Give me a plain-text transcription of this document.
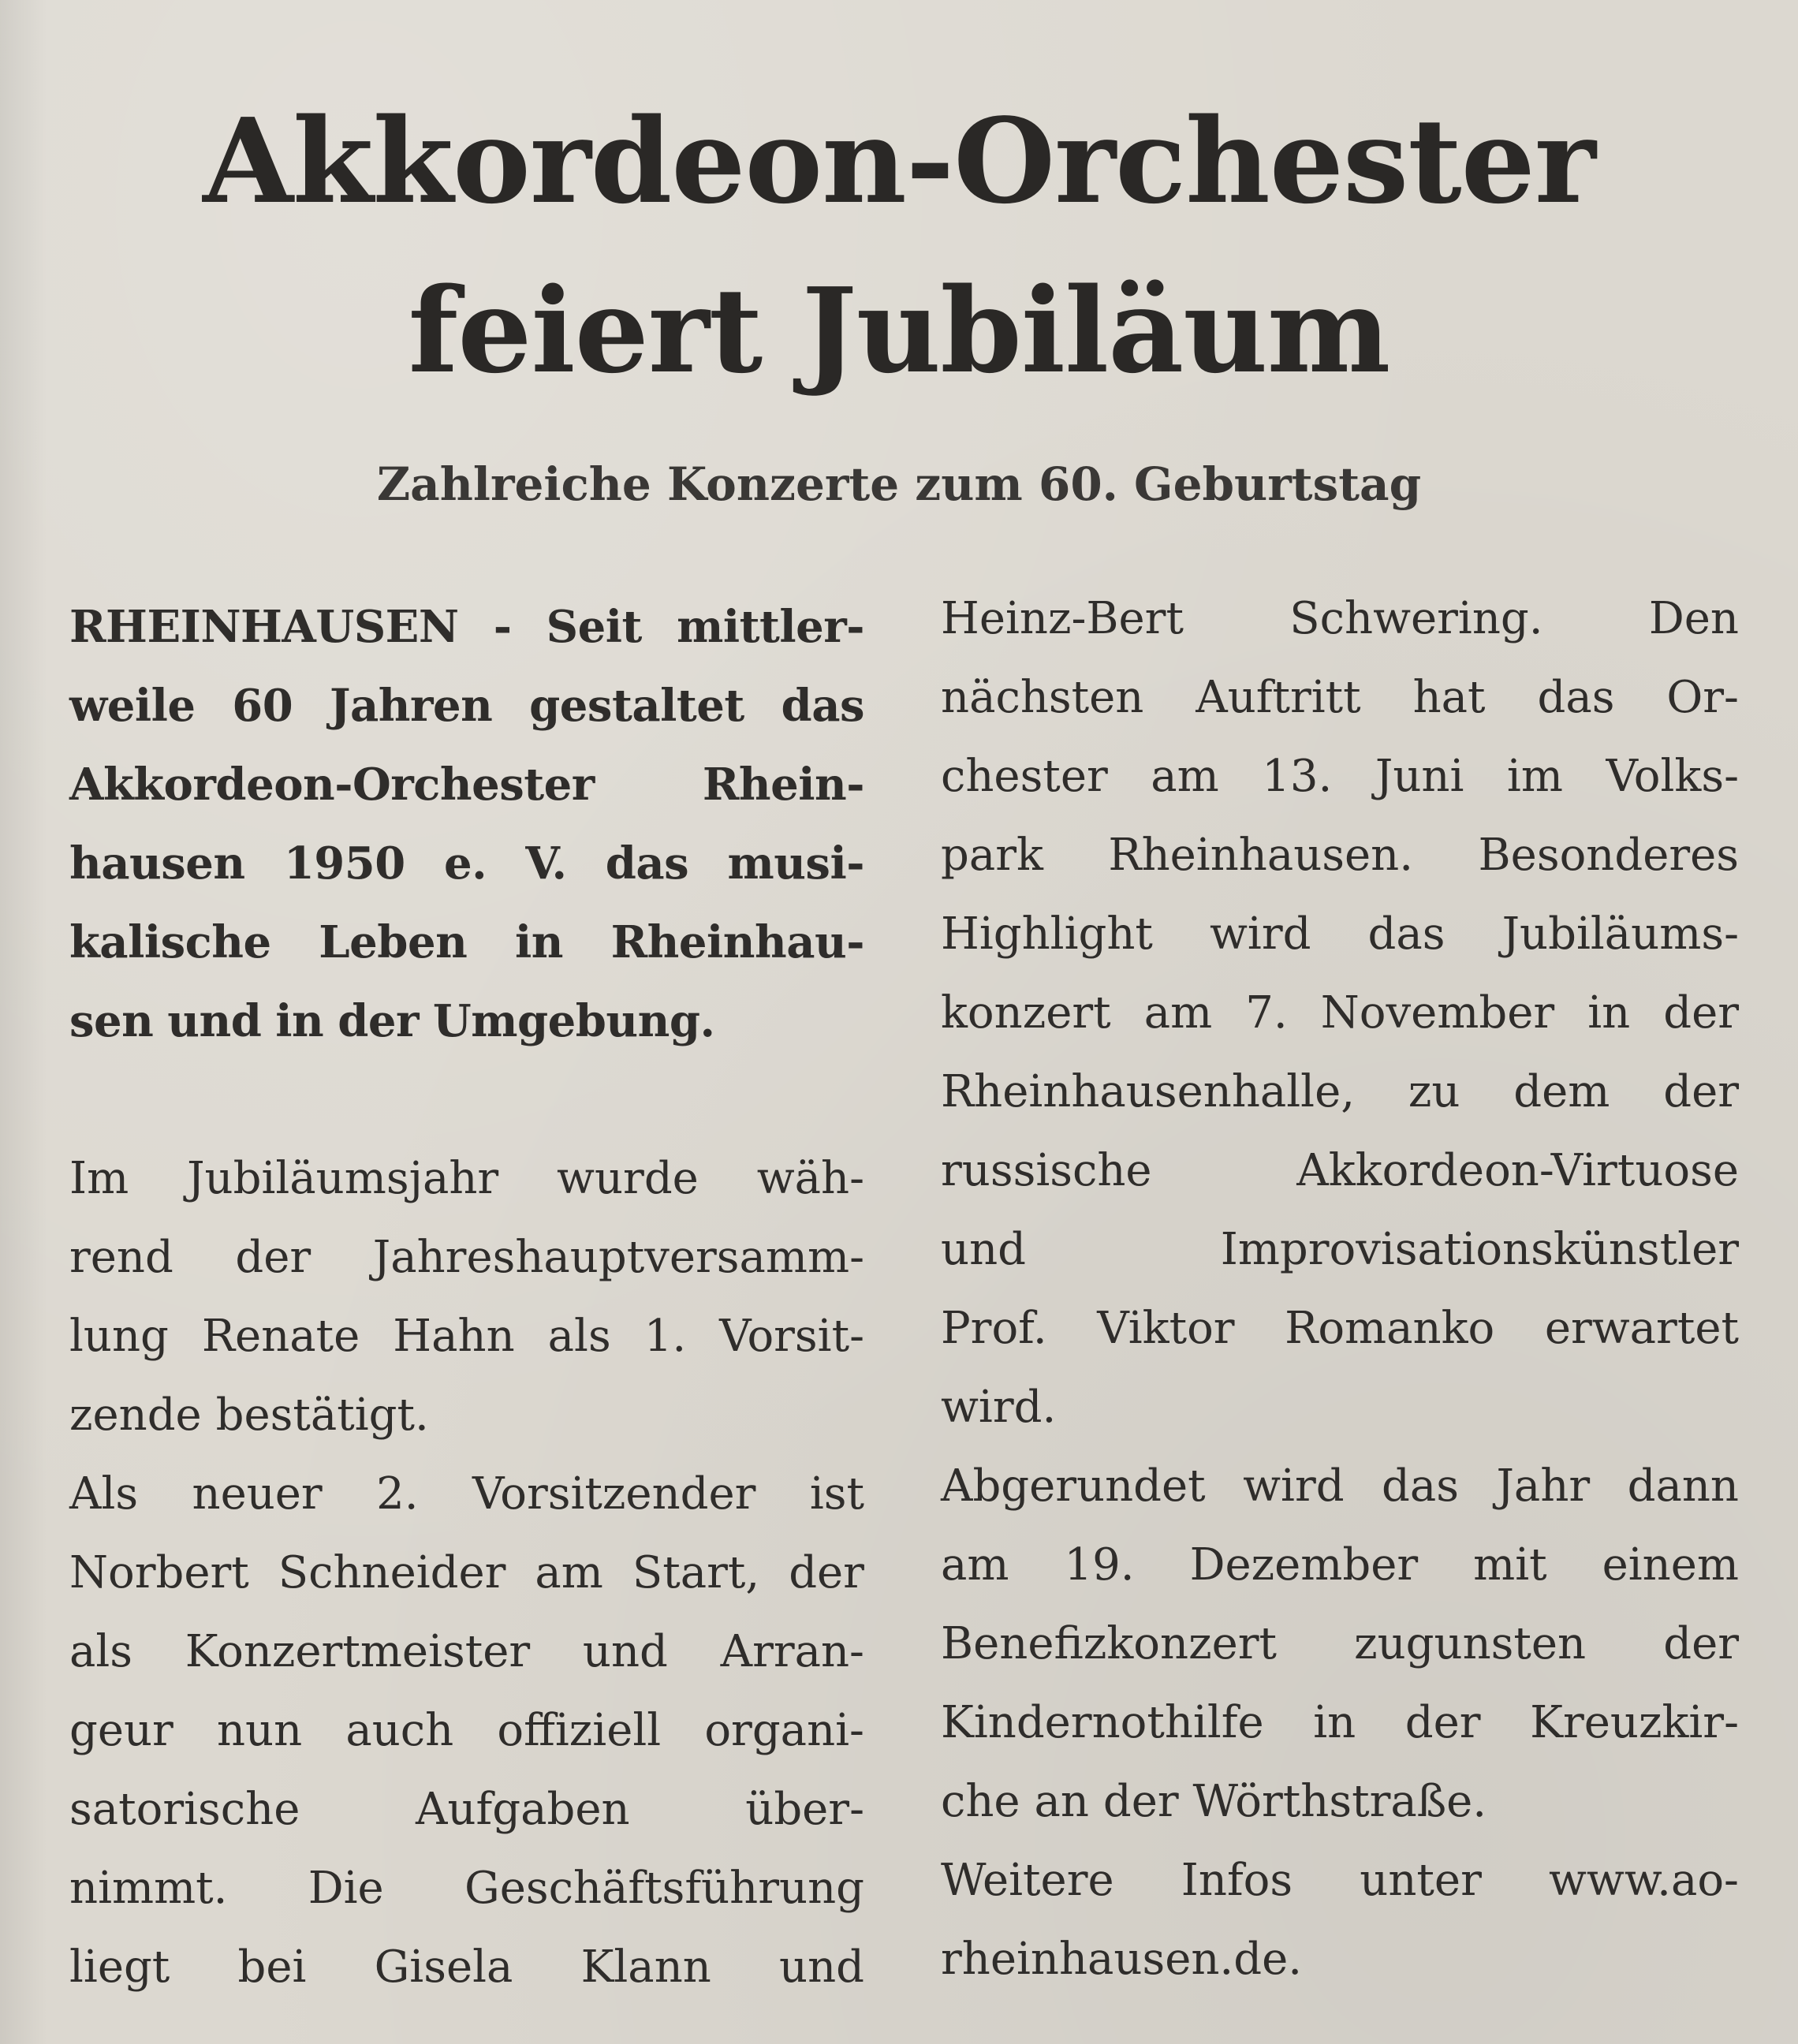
Akkordeon-Orchester
feiert Jubiläum
Zahlreiche Konzerte zum 60. Geburtstag
RHEINHAUSEN - Seit mittler-
weile 60 Jahren gestaltet das
Akkordeon-Orchester Rhein-
hausen 1950 e. V. das musi-
kalische Leben in Rheinhau-
sen und in der Umgebung.
Im Jubiläumsjahr wurde wäh-
rend der Jahreshauptversamm-
lung Renate Hahn als 1. Vorsit-
zende bestätigt.
Als neuer 2. Vorsitzender ist
Norbert Schneider am Start, der
als Konzertmeister und Arran-
geur nun auch offiziell organi-
satorische	Aufgaben	über-
nimmt. Die Geschäftsführung
liegt bei Gisela Klann und
Heinz-Bert Schwering. Den
nächsten Auftritt hat das Or-
chester am 13. Juni im Volks-
park Rheinhausen. Besonderes
Highlight wird das Jubiläums-
konzert am 7. November in der
Rheinhausenhalle, zu dem der
russische	Akkordeon-Virtuose
und	Improvisationskünstler
Prof. Viktor Romanko erwartet
wird.
Abgerundet wird das Jahr dann
am 19. Dezember mit einem
Benefizkonzert zugunsten der
Kindernothilfe in der Kreuzkir-
che an der Wörthstraße.
Weitere Infos unter www.ao-
rheinhausen.de.
